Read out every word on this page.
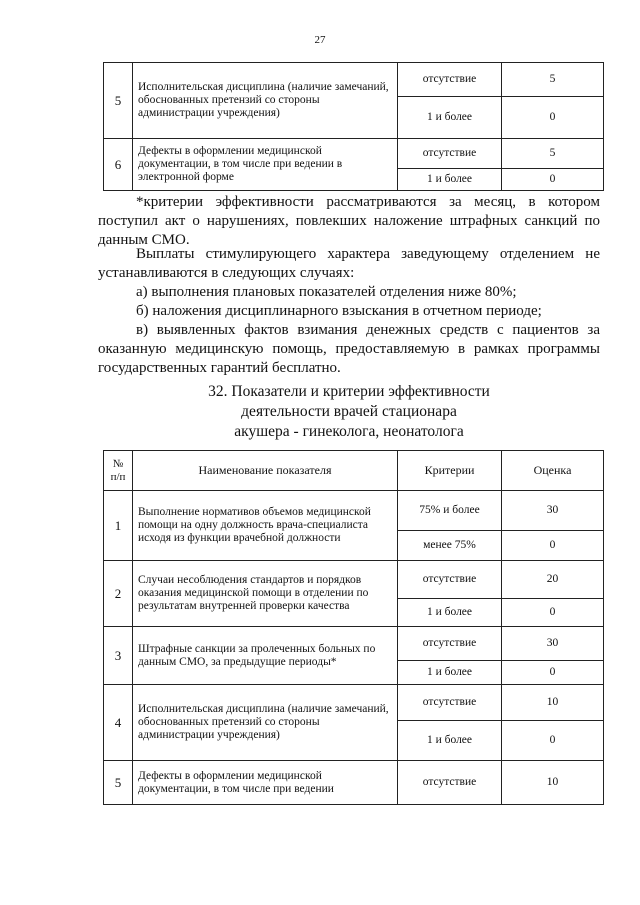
27
5	Исполнительская дисциплина (наличие замечаний, обоснованных претензий со стороны администрации учреждения)	отсутствие	5
		1 и более	0
6	Дефекты в оформлении медицинской документации, в том числе при ведении в электронной форме	отсутствие	5
		1 и более	0
*критерии эффективности рассматриваются за месяц, в котором поступил акт о нарушениях, повлекших наложение штрафных санкций по данным СМО.
Выплаты стимулирующего характера заведующему отделением не устанавливаются в следующих случаях:
а) выполнения плановых показателей отделения ниже 80%;
б) наложения дисциплинарного взыскания в отчетном периоде;
в) выявленных фактов взимания денежных средств с пациентов за оказанную медицинскую помощь, предоставляемую в рамках программы государственных гарантий бесплатно.
32. Показатели и критерии эффективности
деятельности врачей стационара
акушера - гинеколога, неонатолога
№ п/п	Наименование показателя	Критерии	Оценка
1	Выполнение нормативов объемов медицинской помощи на одну должность врача-специалиста исходя из функции врачебной должности	75% и более	30
		менее 75%	0
2	Случаи несоблюдения стандартов и порядков оказания медицинской помощи в отделении по результатам внутренней проверки качества	отсутствие	20
		1 и более	0
3	Штрафные санкции за пролеченных больных по данным СМО, за предыдущие периоды*	отсутствие	30
		1 и более	0
4	Исполнительская дисциплина (наличие замечаний, обоснованных претензий со стороны администрации учреждения)	отсутствие	10
		1 и более	0
5	Дефекты в оформлении медицинской документации, в том числе при ведении	отсутствие	10
